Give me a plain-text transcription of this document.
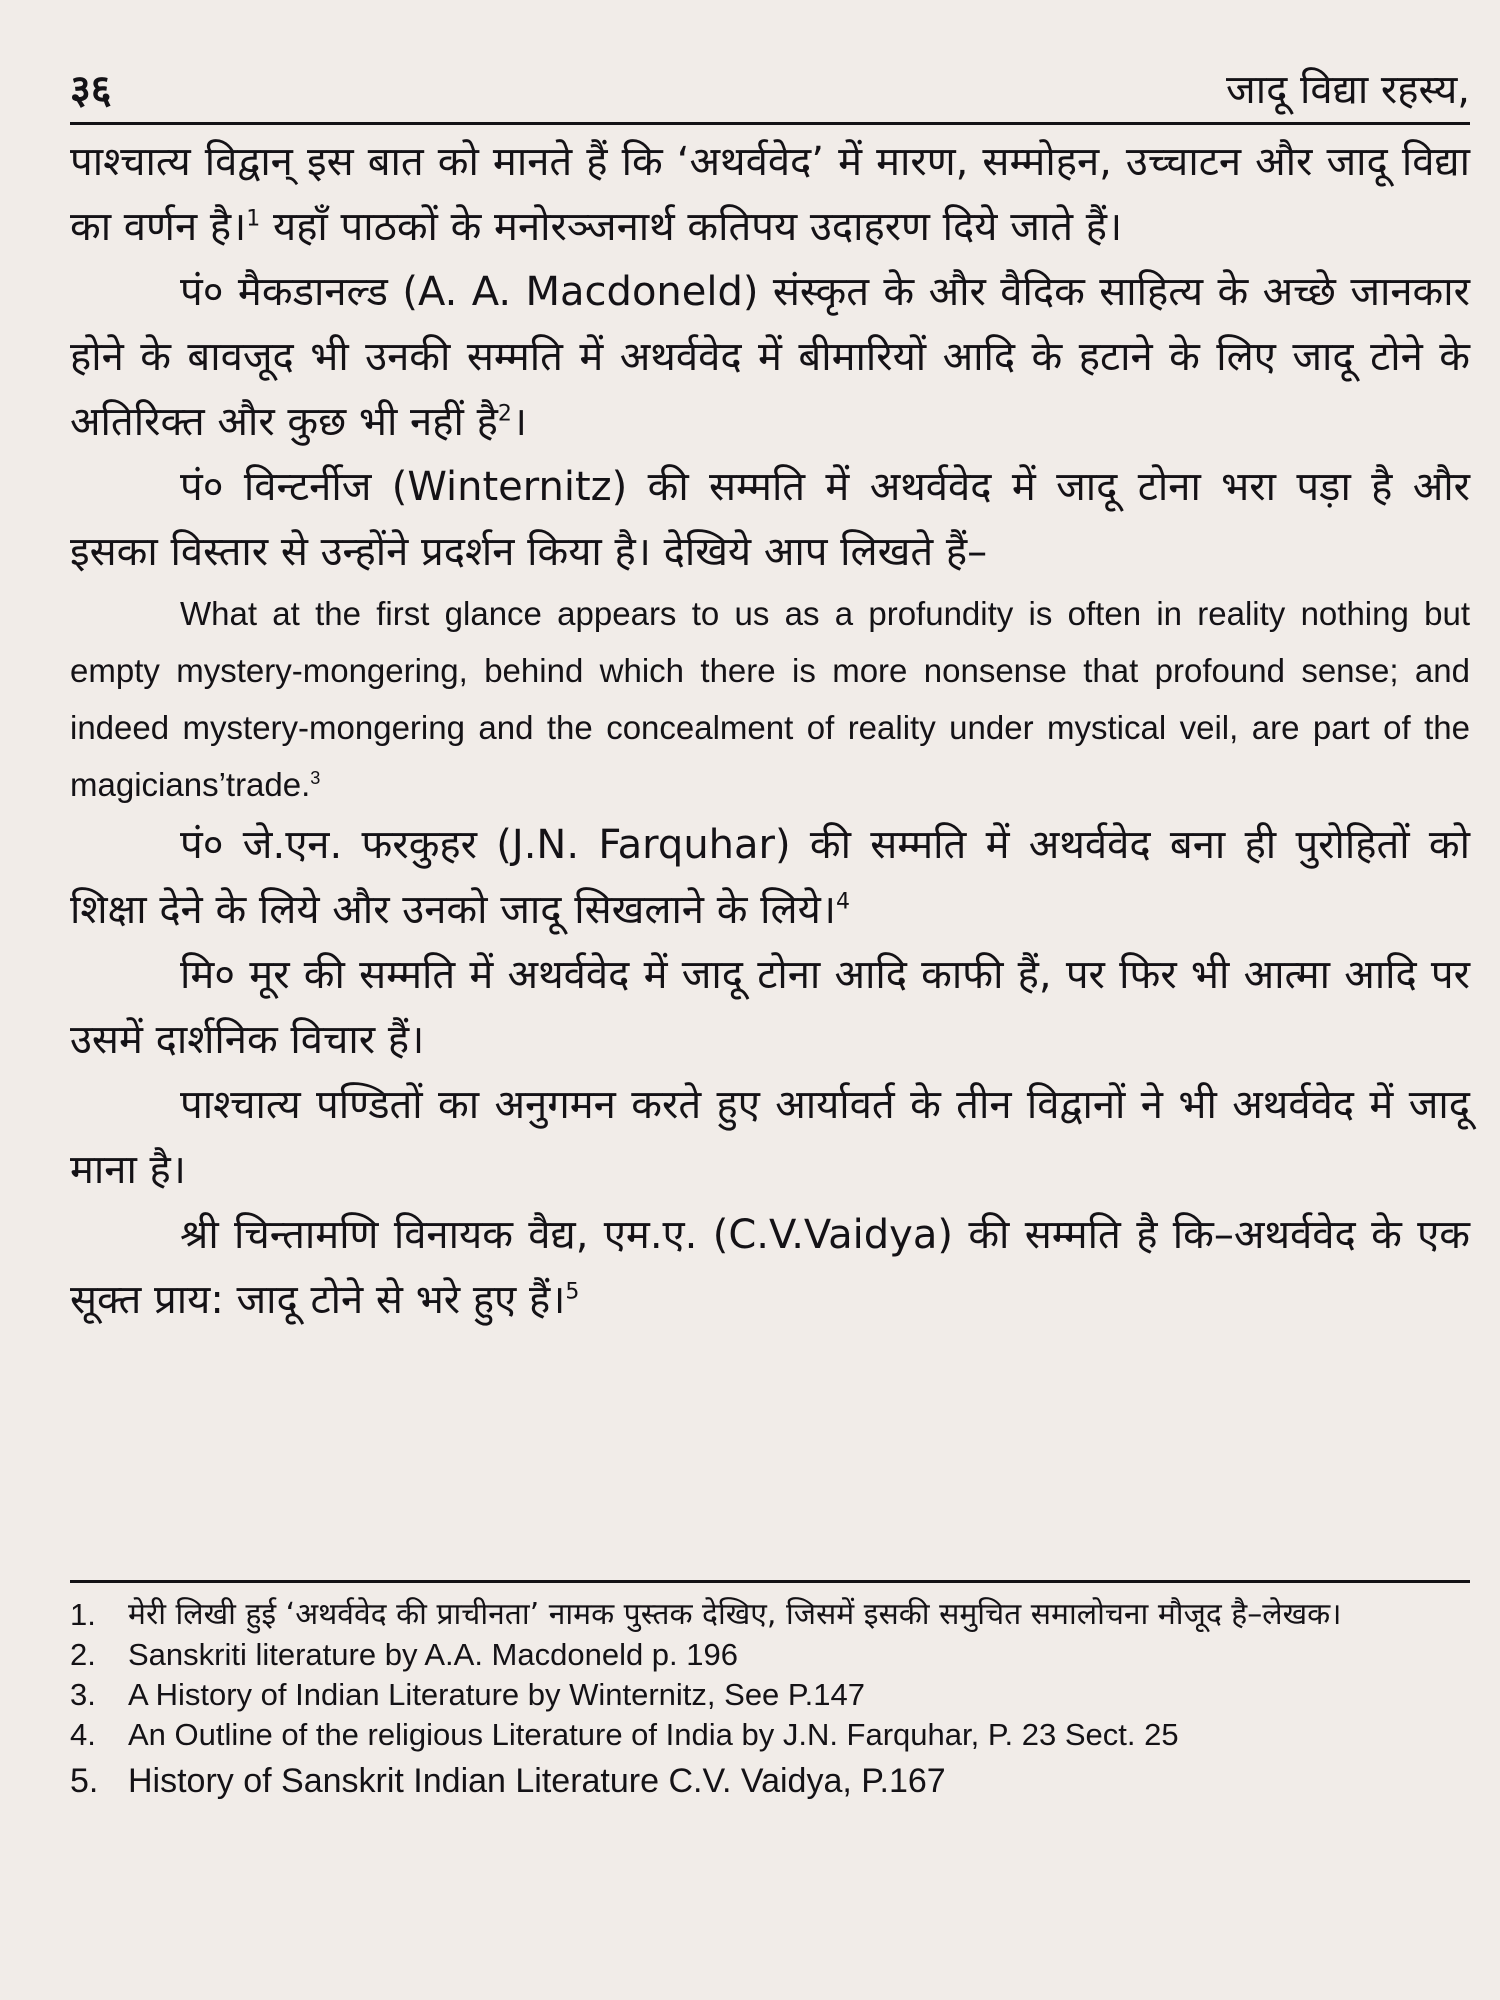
३६	जादू विद्या रहस्य,

पाश्चात्य विद्वान् इस बात को मानते हैं कि ‘अथर्ववेद’ में मारण, सम्मोहन, उच्चाटन और जादू विद्या का वर्णन है।$^1$ यहाँ पाठकों के मनोरञ्जनार्थ कतिपय उदाहरण दिये जाते हैं।

पं० मैकडानल्ड (A. A. Macdoneld) संस्कृत के और वैदिक साहित्य के अच्छे जानकार होने के बावजूद भी उनकी सम्मति में अथर्ववेद में बीमारियों आदि के हटाने के लिए जादू टोने के अतिरिक्त और कुछ भी नहीं है$^2$।

पं० विन्टर्नीज (Winternitz) की सम्मति में अथर्ववेद में जादू टोना भरा पड़ा है और इसका विस्तार से उन्होंने प्रदर्शन किया है। देखिये आप लिखते हैं–

What at the first glance appears to us as a profundity is often in reality nothing but empty mystery-mongering, behind which there is more nonsense that profound sense; and indeed mystery-mongering and the concealment of reality under mystical veil, are part of the magicians’trade.$^3$

पं० जे.एन. फरकुहर (J.N. Farquhar) की सम्मति में अथर्ववेद बना ही पुरोहितों को शिक्षा देने के लिये और उनको जादू सिखलाने के लिये।$^4$

मि० मूर की सम्मति में अथर्ववेद में जादू टोना आदि काफी हैं, पर फिर भी आत्मा आदि पर उसमें दार्शनिक विचार हैं।

पाश्चात्य पण्डितों का अनुगमन करते हुए आर्यावर्त के तीन विद्वानों ने भी अथर्ववेद में जादू माना है।

श्री चिन्तामणि विनायक वैद्य, एम.ए. (C.V.Vaidya) की सम्मति है कि–अथर्ववेद के एक सूक्त प्राय: जादू टोने से भरे हुए हैं।$^5$

1.	मेरी लिखी हुई ‘अथर्ववेद की प्राचीनता’ नामक पुस्तक देखिए, जिसमें इसकी समुचित समालोचना मौजूद है–लेखक।
2.	Sanskriti literature by A.A. Macdoneld p. 196
3.	A History of Indian Literature by Winternitz, See P.147
4.	An Outline of the religious Literature of India by J.N. Farquhar, P. 23 Sect. 25
5. History of Sanskrit Indian Literature C.V. Vaidya, P.167
